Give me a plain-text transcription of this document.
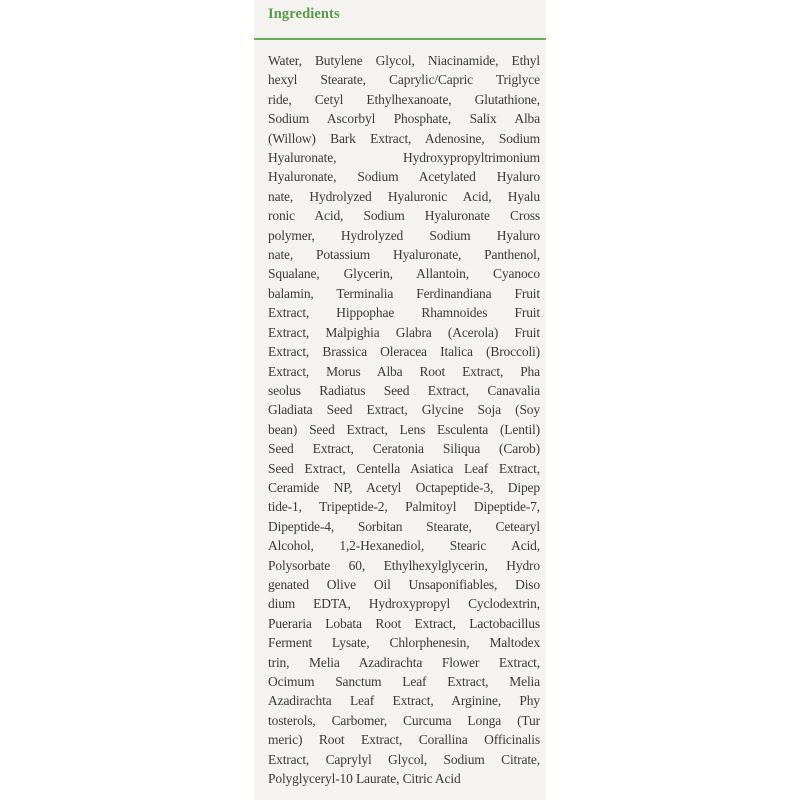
Ingredients
Water, Butylene Glycol, Niacinamide, Ethyl
hexyl Stearate, Caprylic/Capric Triglyce
ride, Cetyl Ethylhexanoate, Glutathione,
Sodium Ascorbyl Phosphate, Salix Alba
(Willow) Bark Extract, Adenosine, Sodium
Hyaluronate, Hydroxypropyltrimonium
Hyaluronate, Sodium Acetylated Hyaluro
nate, Hydrolyzed Hyaluronic Acid, Hyalu
ronic Acid, Sodium Hyaluronate Cross
polymer, Hydrolyzed Sodium Hyaluro
nate, Potassium Hyaluronate, Panthenol,
Squalane, Glycerin, Allantoin, Cyanoco
balamin, Terminalia Ferdinandiana Fruit
Extract, Hippophae Rhamnoides Fruit
Extract, Malpighia Glabra (Acerola) Fruit
Extract, Brassica Oleracea Italica (Broccoli)
Extract, Morus Alba Root Extract, Pha
seolus Radiatus Seed Extract, Canavalia
Gladiata Seed Extract, Glycine Soja (Soy
bean) Seed Extract, Lens Esculenta (Lentil)
Seed Extract, Ceratonia Siliqua (Carob)
Seed Extract, Centella Asiatica Leaf Extract,
Ceramide NP, Acetyl Octapeptide-3, Dipep
tide-1, Tripeptide-2, Palmitoyl Dipeptide-7,
Dipeptide-4, Sorbitan Stearate, Cetearyl
Alcohol, 1,2-Hexanediol, Stearic Acid,
Polysorbate 60, Ethylhexylglycerin, Hydro
genated Olive Oil Unsaponifiables, Diso
dium EDTA, Hydroxypropyl Cyclodextrin,
Pueraria Lobata Root Extract, Lactobacillus
Ferment Lysate, Chlorphenesin, Maltodex
trin, Melia Azadirachta Flower Extract,
Ocimum Sanctum Leaf Extract, Melia
Azadirachta Leaf Extract, Arginine, Phy
tosterols, Carbomer, Curcuma Longa (Tur
meric) Root Extract, Corallina Officinalis
Extract, Caprylyl Glycol, Sodium Citrate,
Polyglyceryl-10 Laurate, Citric Acid
